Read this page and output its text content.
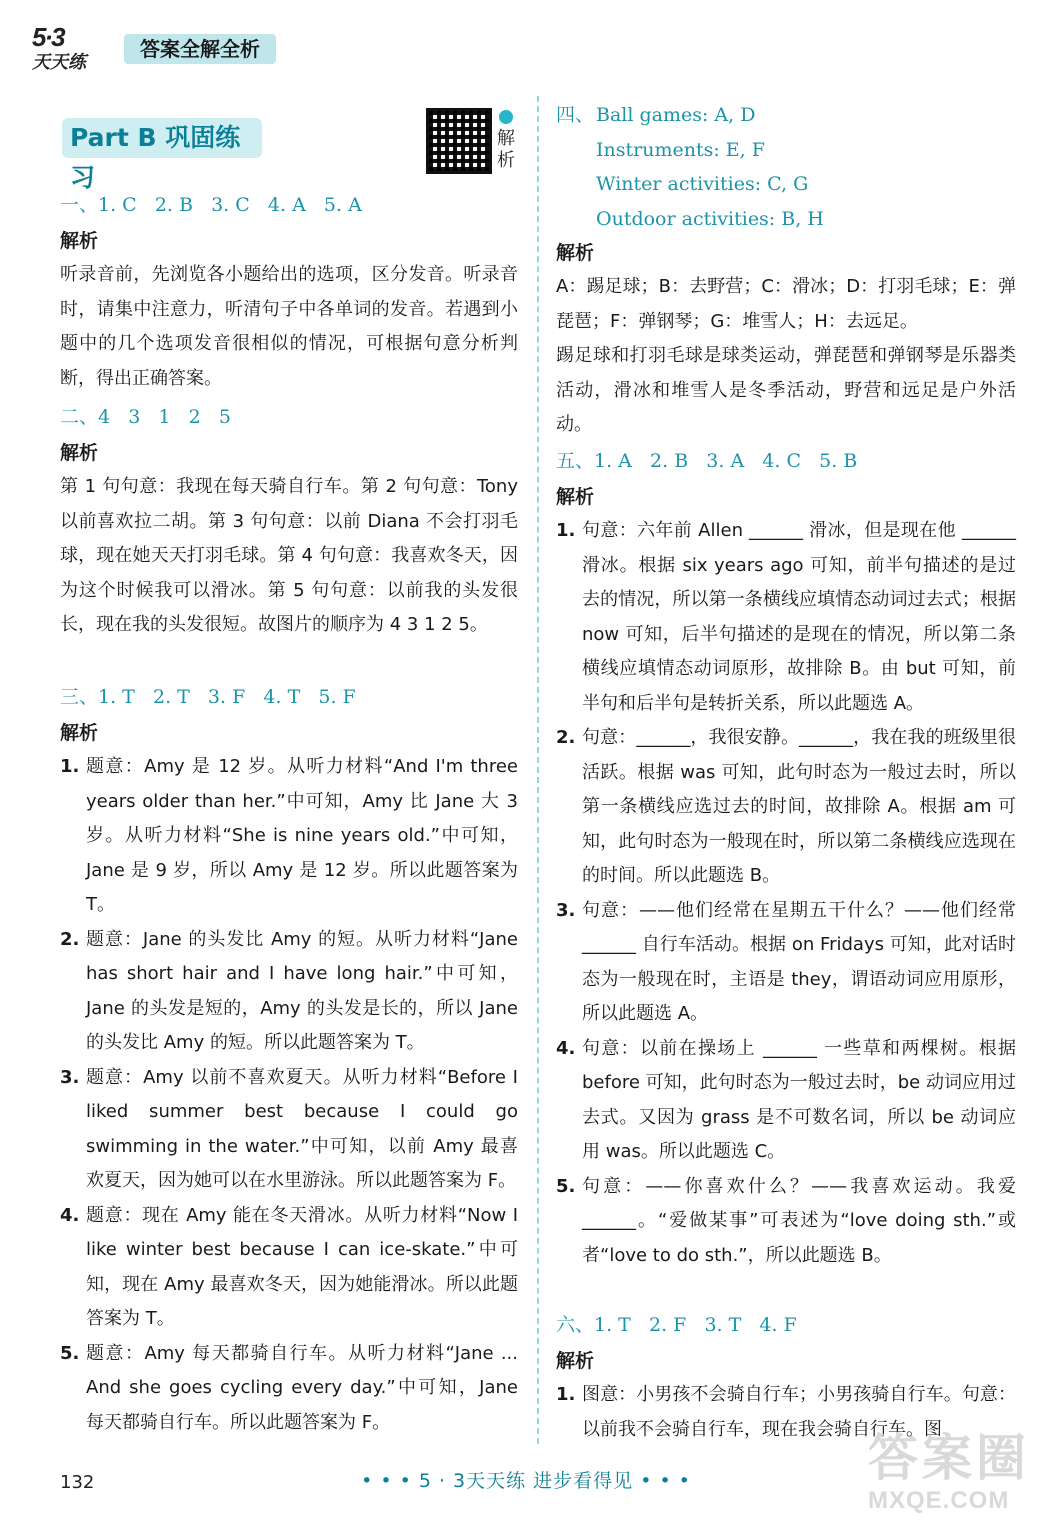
5·3
天天练
答案全解全析
Part B 巩固练习
解析
一、1. C   2. B   3. C   4. A   5. A
解析
听录音前，先浏览各小题给出的选项，区分发音。听录音时，请集中注意力，听清句子中各单词的发音。若遇到小题中的几个选项发音很相似的情况，可根据句意分析判断，得出正确答案。
二、4   3   1   2   5
解析
第 1 句句意：我现在每天骑自行车。第 2 句句意：Tony 以前喜欢拉二胡。第 3 句句意：以前 Diana 不会打羽毛球，现在她天天打羽毛球。第 4 句句意：我喜欢冬天，因为这个时候我可以滑冰。第 5 句句意：以前我的头发很长，现在我的头发很短。故图片的顺序为 4 3 1 2 5。
三、1. T   2. T   3. F   4. T   5. F
解析
1. 题意：Amy 是 12 岁。从听力材料“And I'm three years older than her.”中可知，Amy 比 Jane 大 3 岁。从听力材料“She is nine years old.”中可知，Jane 是 9 岁，所以 Amy 是 12 岁。所以此题答案为 T。
2. 题意：Jane 的头发比 Amy 的短。从听力材料“Jane has short hair and I have long hair.”中可知，Jane 的头发是短的，Amy 的头发是长的，所以 Jane 的头发比 Amy 的短。所以此题答案为 T。
3. 题意：Amy 以前不喜欢夏天。从听力材料“Before I liked summer best because I could go swimming in the water.”中可知，以前 Amy 最喜欢夏天，因为她可以在水里游泳。所以此题答案为 F。
4. 题意：现在 Amy 能在冬天滑冰。从听力材料“Now I like winter best because I can ice-skate.”中可知，现在 Amy 最喜欢冬天，因为她能滑冰。所以此题答案为 T。
5. 题意：Amy 每天都骑自行车。从听力材料“Jane ... And she goes cycling every day.”中可知，Jane 每天都骑自行车。所以此题答案为 F。
四、 Ball games: A, D
Instruments: E, F
Winter activities: C, G
Outdoor activities: B, H
解析
A：踢足球；B：去野营；C：滑冰；D：打羽毛球；E：弹琵琶；F：弹钢琴；G：堆雪人；H：去远足。
踢足球和打羽毛球是球类运动，弹琵琶和弹钢琴是乐器类活动，滑冰和堆雪人是冬季活动，野营和远足是户外活动。
五、1. A   2. B   3. A   4. C   5. B
解析
1. 句意：六年前 Allen ______ 滑冰，但是现在他 ______ 滑冰。根据 six years ago 可知，前半句描述的是过去的情况，所以第一条横线应填情态动词过去式；根据 now 可知，后半句描述的是现在的情况，所以第二条横线应填情态动词原形，故排除 B。由 but 可知，前半句和后半句是转折关系，所以此题选 A。
2. 句意：______，我很安静。______，我在我的班级里很活跃。根据 was 可知，此句时态为一般过去时，所以第一条横线应选过去的时间，故排除 A。根据 am 可知，此句时态为一般现在时，所以第二条横线应选现在的时间。所以此题选 B。
3. 句意：——他们经常在星期五干什么？——他们经常 ______ 自行车活动。根据 on Fridays 可知，此对话时态为一般现在时，主语是 they，谓语动词应用原形，所以此题选 A。
4. 句意：以前在操场上 ______ 一些草和两棵树。根据 before 可知，此句时态为一般过去时，be 动词应用过去式。又因为 grass 是不可数名词，所以 be 动词应用 was。所以此题选 C。
5. 句意：——你喜欢什么？——我喜欢运动。我爱 ______。“爱做某事”可表述为“love doing sth.”或者“love to do sth.”，所以此题选 B。
六、1. T   2. F   3. T   4. F
解析
1. 图意：小男孩不会骑自行车；小男孩骑自行车。句意：以前我不会骑自行车，现在我会骑自行车。图
132	• • • 5 · 3天天练 进步看得见 • • •	答案圈
MXQE.COM
